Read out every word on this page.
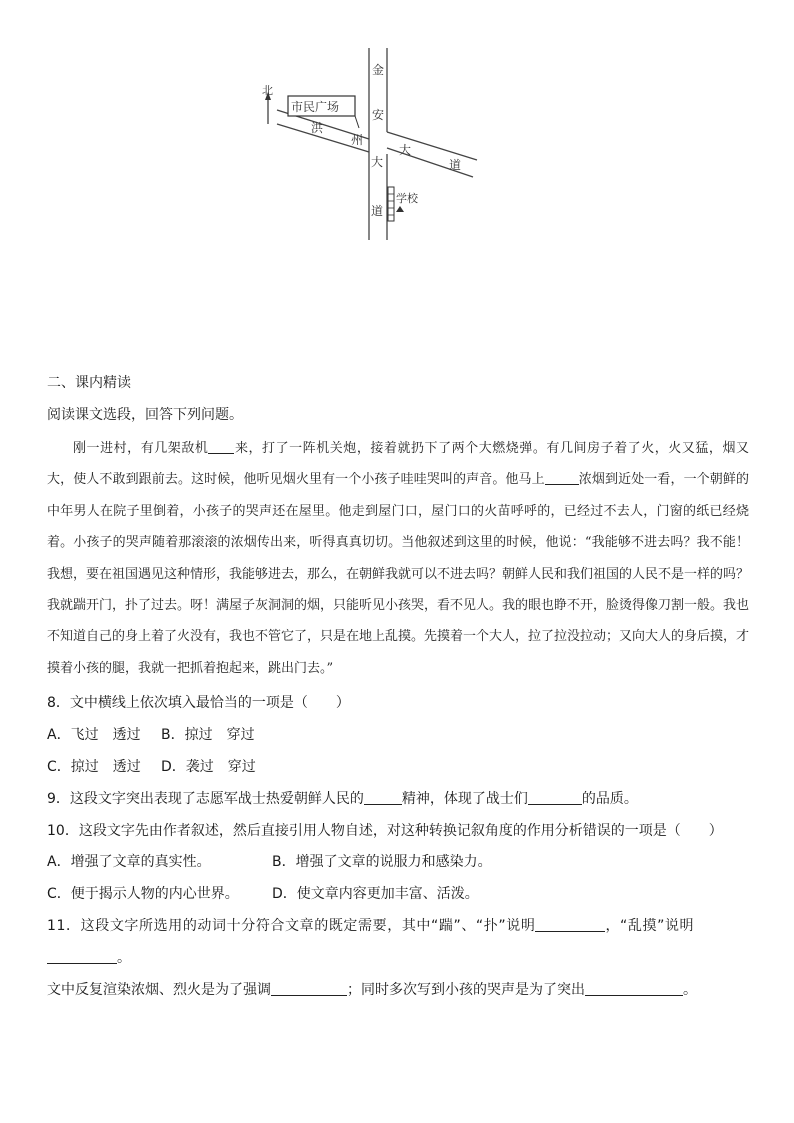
北
市民广场
洪
州
金
安
大
道
大
道
学校
二、课内精读
阅读课文选段，回答下列问题。

刚一进村，有几架敌机 来，打了一阵机关炮，接着就扔下了两个大燃烧弹。有几间房子着了火，火又猛，烟又大，使人不敢到跟前去。这时候，他听见烟火里有一个小孩子哇哇哭叫的声音。他马上	浓烟到近处一看，一个朝鲜的中年男人在院子里倒着，小孩子的哭声还在屋里。他走到屋门口，屋门口的火苗呼呼的，已经过不去人，门窗的纸已经烧着。小孩子的哭声随着那滚滚的浓烟传出来，听得真真切切。当他叙述到这里的时候，他说：“我能够不进去吗？我不能！我想，要在祖国遇见这种情形，我能够进去，那么，在朝鲜我就可以不进去吗？朝鲜人民和我们祖国的人民不是一样的吗？我就踹开门，扑了过去。呀！满屋子灰洞洞的烟，只能听见小孩哭，看不见人。我的眼也睁不开，脸烫得像刀割一般。我也不知道自己的身上着了火没有，我也不管它了，只是在地上乱摸。先摸着一个大人，拉了拉没拉动；又向大人的身后摸，才摸着小孩的腿，我就一把抓着抱起来，跳出门去。”

8．文中横线上依次填入最恰当的一项是（　　）
A．飞过　透过 B．掠过　穿过
C．掠过　透过 D．袭过　穿过
9．这段文字突出表现了志愿军战士热爱朝鲜人民的	精神，体现了战士们	的品质。
10．这段文字先由作者叙述，然后直接引用人物自述，对这种转换记叙角度的作用分析错误的一项是（　　）
A．增强了文章的真实性。	B．增强了文章的说服力和感染力。
C．便于揭示人物的内心世界。 D．使文章内容更加丰富、活泼。
11．这段文字所选用的动词十分符合文章的既定需要，其中“踹”、“扑”说明	，“乱摸”说明
。
文中反复渲染浓烟、烈火是为了强调	；同时多次写到小孩的哭声是为了突出	。
